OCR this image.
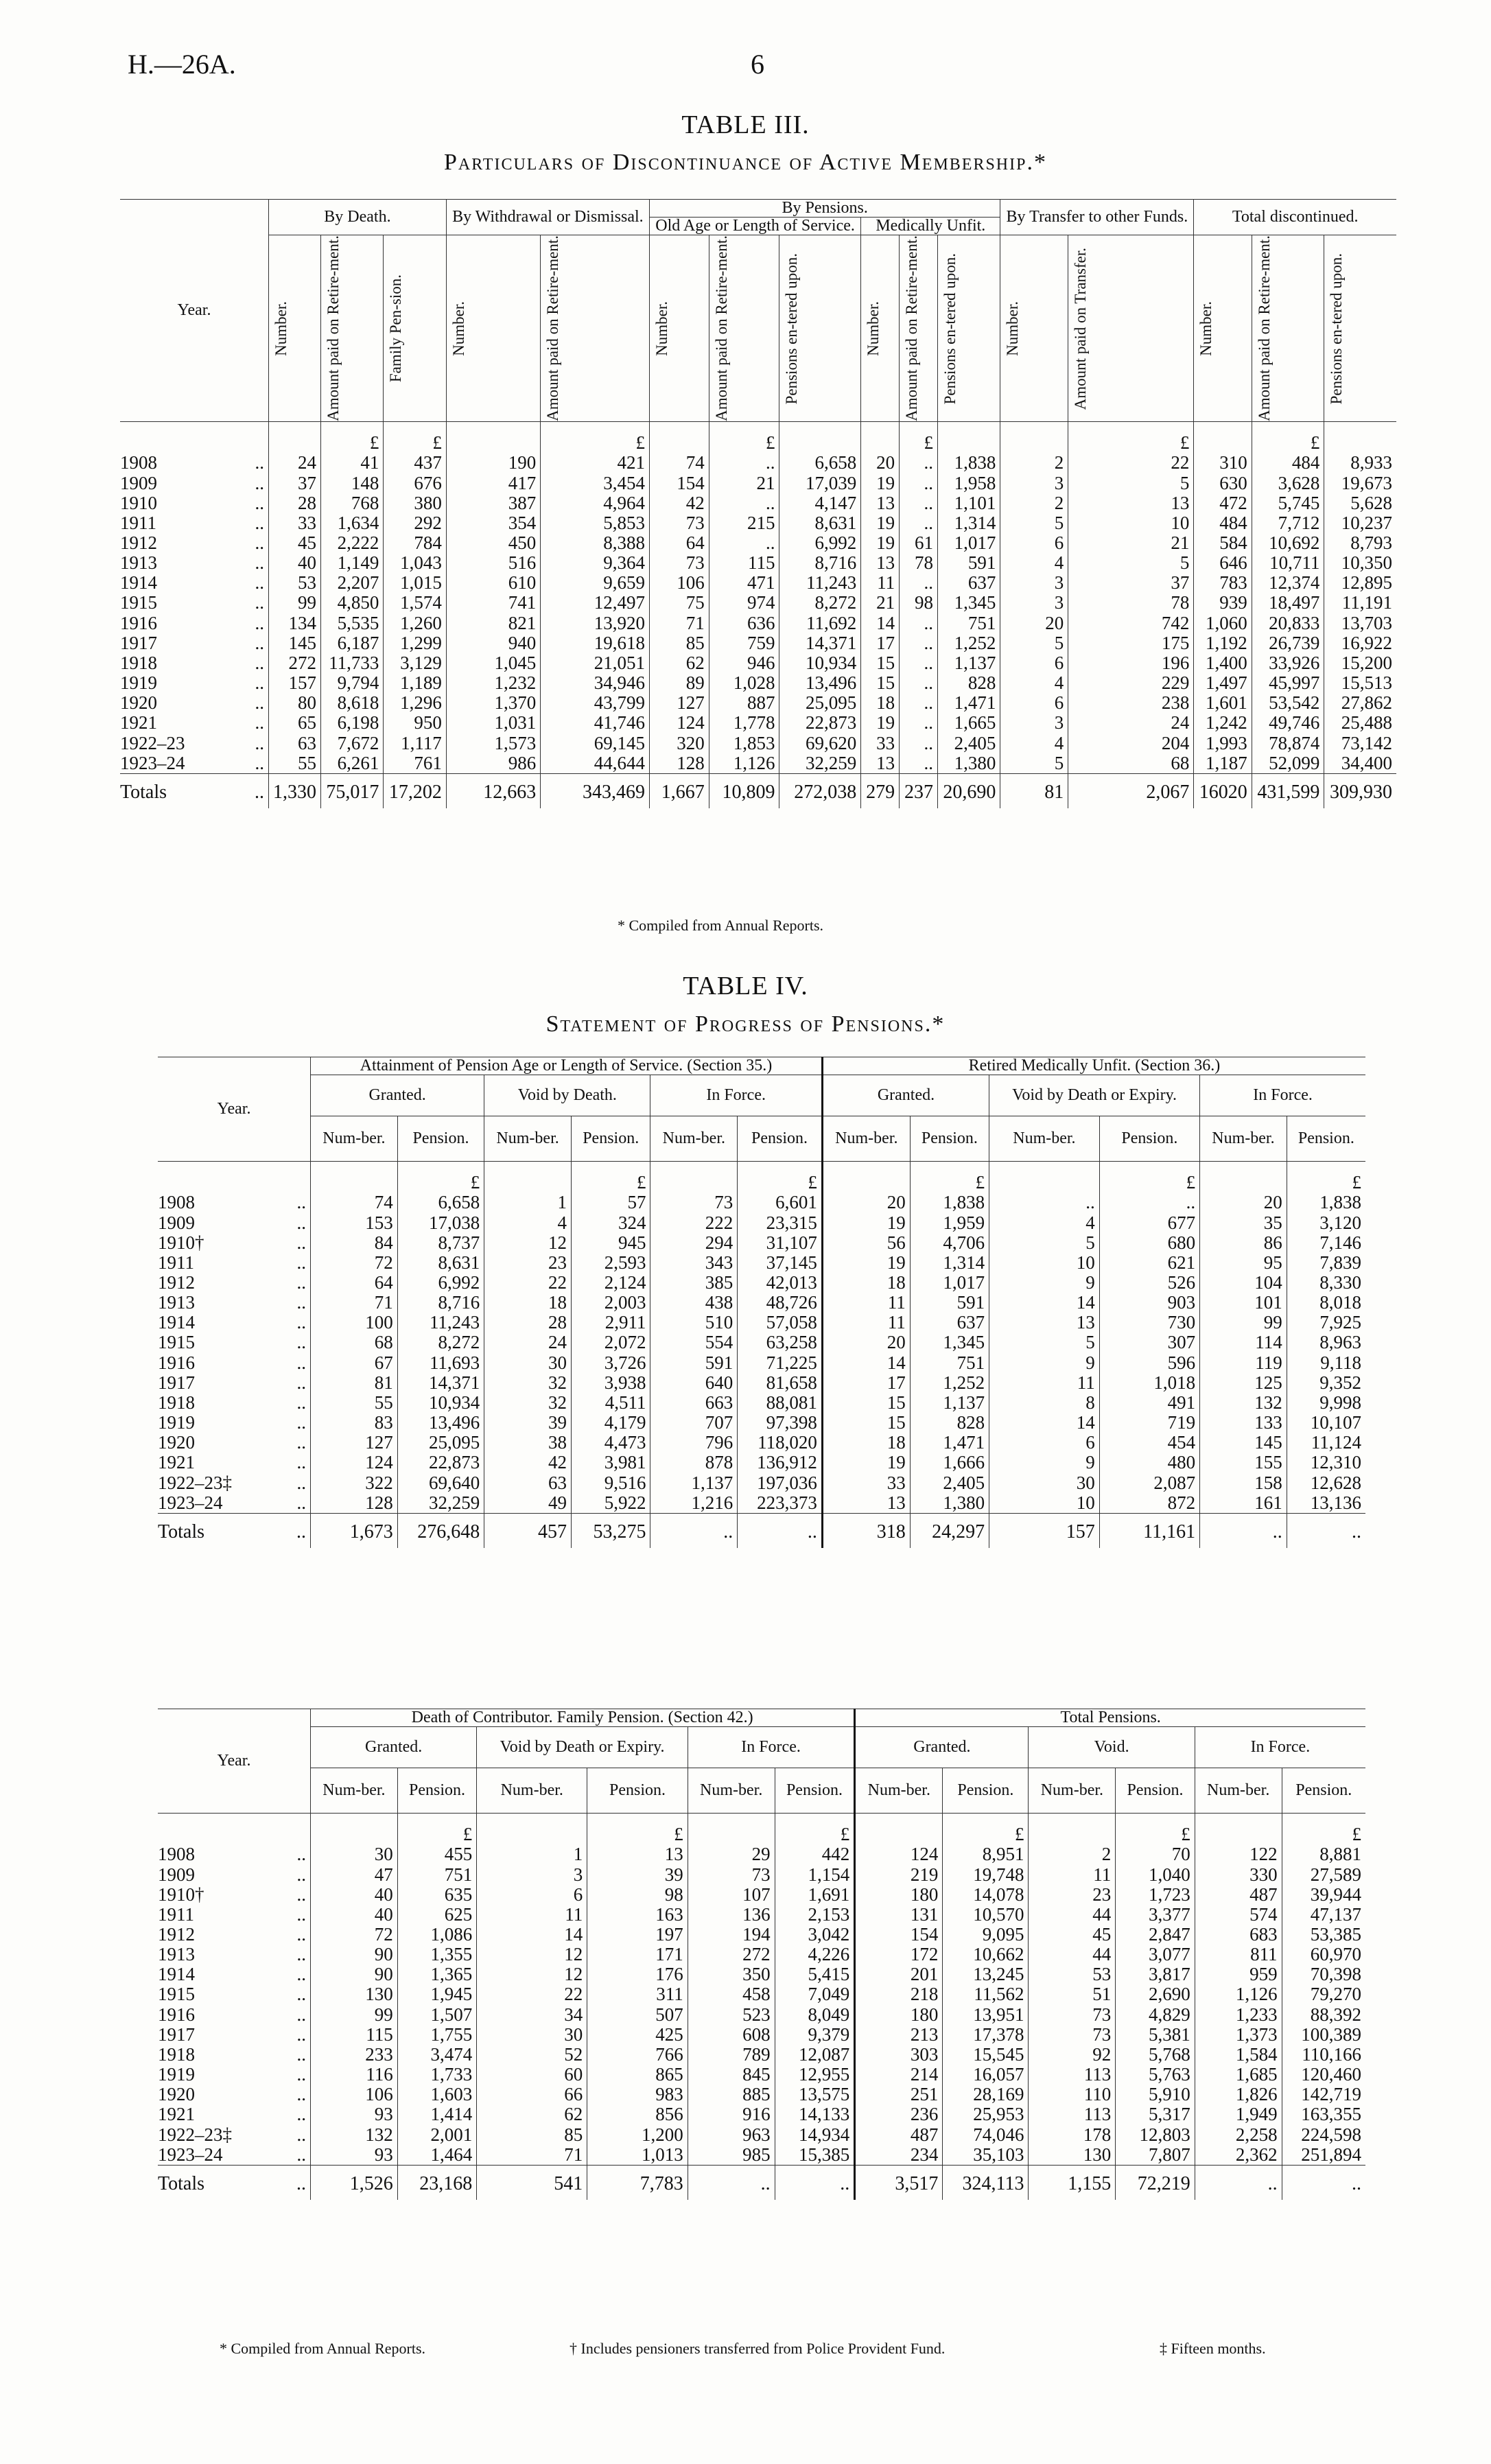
H.—26A.	6
TABLE III.
Particulars of Discontinuance of Active Membership.*
Year.	By Death.			By Withdrawal or Dismissal.		By Pensions.						By Transfer to other Funds.		Total discontinued.		
						Old Age or Length of Service.			Medically Unfit.							

	Number.	Amount paid on Retire-ment.	Family Pen-sion.	Number.	Amount paid on Retire-ment.	Number.	Amount paid on Retire-ment.	Pensions en-tered upon.	Number.	Amount paid on Retire-ment.	Pensions en-tered upon.	Number.	Amount paid on Transfer.	Number.	Amount paid on Retire-ment.	Pensions en-tered upon.

		£	£		£		£			£			£		£	
1908 ..	24	41	437	190	421	74	..	6,658	20	..	1,838	2	22	310	484	8,933
1909 ..	37	148	676	417	3,454	154	21	17,039	19	..	1,958	3	5	630	3,628	19,673
1910 ..	28	768	380	387	4,964	42	..	4,147	13	..	1,101	2	13	472	5,745	5,628
1911 ..	33	1,634	292	354	5,853	73	215	8,631	19	..	1,314	5	10	484	7,712	10,237
1912 ..	45	2,222	784	450	8,388	64	..	6,992	19	61	1,017	6	21	584	10,692	8,793
1913 ..	40	1,149	1,043	516	9,364	73	115	8,716	13	78	591	4	5	646	10,711	10,350
1914 ..	53	2,207	1,015	610	9,659	106	471	11,243	11	..	637	3	37	783	12,374	12,895
1915 ..	99	4,850	1,574	741	12,497	75	974	8,272	21	98	1,345	3	78	939	18,497	11,191
1916 ..	134	5,535	1,260	821	13,920	71	636	11,692	14	..	751	20	742	1,060	20,833	13,703
1917 ..	145	6,187	1,299	940	19,618	85	759	14,371	17	..	1,252	5	175	1,192	26,739	16,922
1918 ..	272	11,733	3,129	1,045	21,051	62	946	10,934	15	..	1,137	6	196	1,400	33,926	15,200
1919 ..	157	9,794	1,189	1,232	34,946	89	1,028	13,496	15	..	828	4	229	1,497	45,997	15,513
1920 ..	80	8,618	1,296	1,370	43,799	127	887	25,095	18	..	1,471	6	238	1,601	53,542	27,862
1921 ..	65	6,198	950	1,031	41,746	124	1,778	22,873	19	..	1,665	3	24	1,242	49,746	25,488
1922–23 ..	63	7,672	1,117	1,573	69,145	320	1,853	69,620	33	..	2,405	4	204	1,993	78,874	73,142
1923–24 ..	55	6,261	761	986	44,644	128	1,126	32,259	13	..	1,380	5	68	1,187	52,099	34,400
Totals ..	1,330	75,017	17,202	12,663	343,469	1,667	10,809	272,038	279	237	20,690	81	2,067	16020	431,599	309,930
* Compiled from Annual Reports.
TABLE IV.
Statement of Progress of Pensions.*
Year.	Attainment of Pension Age or Length of Service. (Section 35.)						Retired Medically Unfit. (Section 36.)					
	Granted.		Void by Death.		In Force.		Granted.		Void by Death or Expiry.		In Force.	
	Num-ber.	Pension.	Num-ber.	Pension.	Num-ber.	Pension.	Num-ber.	Pension.	Num-ber.	Pension.	Num-ber.	Pension.
		£		£		£		£		£		£
1908 ..	74	6,658	1	57	73	6,601	20	1,838	..	..	20	1,838
1909 ..	153	17,038	4	324	222	23,315	19	1,959	4	677	35	3,120
1910† ..	84	8,737	12	945	294	31,107	56	4,706	5	680	86	7,146
1911 ..	72	8,631	23	2,593	343	37,145	19	1,314	10	621	95	7,839
1912 ..	64	6,992	22	2,124	385	42,013	18	1,017	9	526	104	8,330
1913 ..	71	8,716	18	2,003	438	48,726	11	591	14	903	101	8,018
1914 ..	100	11,243	28	2,911	510	57,058	11	637	13	730	99	7,925
1915 ..	68	8,272	24	2,072	554	63,258	20	1,345	5	307	114	8,963
1916 ..	67	11,693	30	3,726	591	71,225	14	751	9	596	119	9,118
1917 ..	81	14,371	32	3,938	640	81,658	17	1,252	11	1,018	125	9,352
1918 ..	55	10,934	32	4,511	663	88,081	15	1,137	8	491	132	9,998
1919 ..	83	13,496	39	4,179	707	97,398	15	828	14	719	133	10,107
1920 ..	127	25,095	38	4,473	796	118,020	18	1,471	6	454	145	11,124
1921 ..	124	22,873	42	3,981	878	136,912	19	1,666	9	480	155	12,310
1922–23‡ ..	322	69,640	63	9,516	1,137	197,036	33	2,405	30	2,087	158	12,628
1923–24 ..	128	32,259	49	5,922	1,216	223,373	13	1,380	10	872	161	13,136
Totals ..	1,673	276,648	457	53,275	..	..	318	24,297	157	11,161	..	..
Year.	Death of Contributor. Family Pension. (Section 42.)						Total Pensions.					
	Granted.		Void by Death or Expiry.		In Force.		Granted.		Void.		In Force.	
	Num-ber.	Pension.	Num-ber.	Pension.	Num-ber.	Pension.	Num-ber.	Pension.	Num-ber.	Pension.	Num-ber.	Pension.
		£		£		£		£		£		£
1908 ..	30	455	1	13	29	442	124	8,951	2	70	122	8,881
1909 ..	47	751	3	39	73	1,154	219	19,748	11	1,040	330	27,589
1910† ..	40	635	6	98	107	1,691	180	14,078	23	1,723	487	39,944
1911 ..	40	625	11	163	136	2,153	131	10,570	44	3,377	574	47,137
1912 ..	72	1,086	14	197	194	3,042	154	9,095	45	2,847	683	53,385
1913 ..	90	1,355	12	171	272	4,226	172	10,662	44	3,077	811	60,970
1914 ..	90	1,365	12	176	350	5,415	201	13,245	53	3,817	959	70,398
1915 ..	130	1,945	22	311	458	7,049	218	11,562	51	2,690	1,126	79,270
1916 ..	99	1,507	34	507	523	8,049	180	13,951	73	4,829	1,233	88,392
1917 ..	115	1,755	30	425	608	9,379	213	17,378	73	5,381	1,373	100,389
1918 ..	233	3,474	52	766	789	12,087	303	15,545	92	5,768	1,584	110,166
1919 ..	116	1,733	60	865	845	12,955	214	16,057	113	5,763	1,685	120,460
1920 ..	106	1,603	66	983	885	13,575	251	28,169	110	5,910	1,826	142,719
1921 ..	93	1,414	62	856	916	14,133	236	25,953	113	5,317	1,949	163,355
1922–23‡ ..	132	2,001	85	1,200	963	14,934	487	74,046	178	12,803	2,258	224,598
1923–24 ..	93	1,464	71	1,013	985	15,385	234	35,103	130	7,807	2,362	251,894
Totals ..	1,526	23,168	541	7,783	..	..	3,517	324,113	1,155	72,219	..	..
* Compiled from Annual Reports.	† Includes pensioners transferred from Police Provident Fund.	‡ Fifteen months.
